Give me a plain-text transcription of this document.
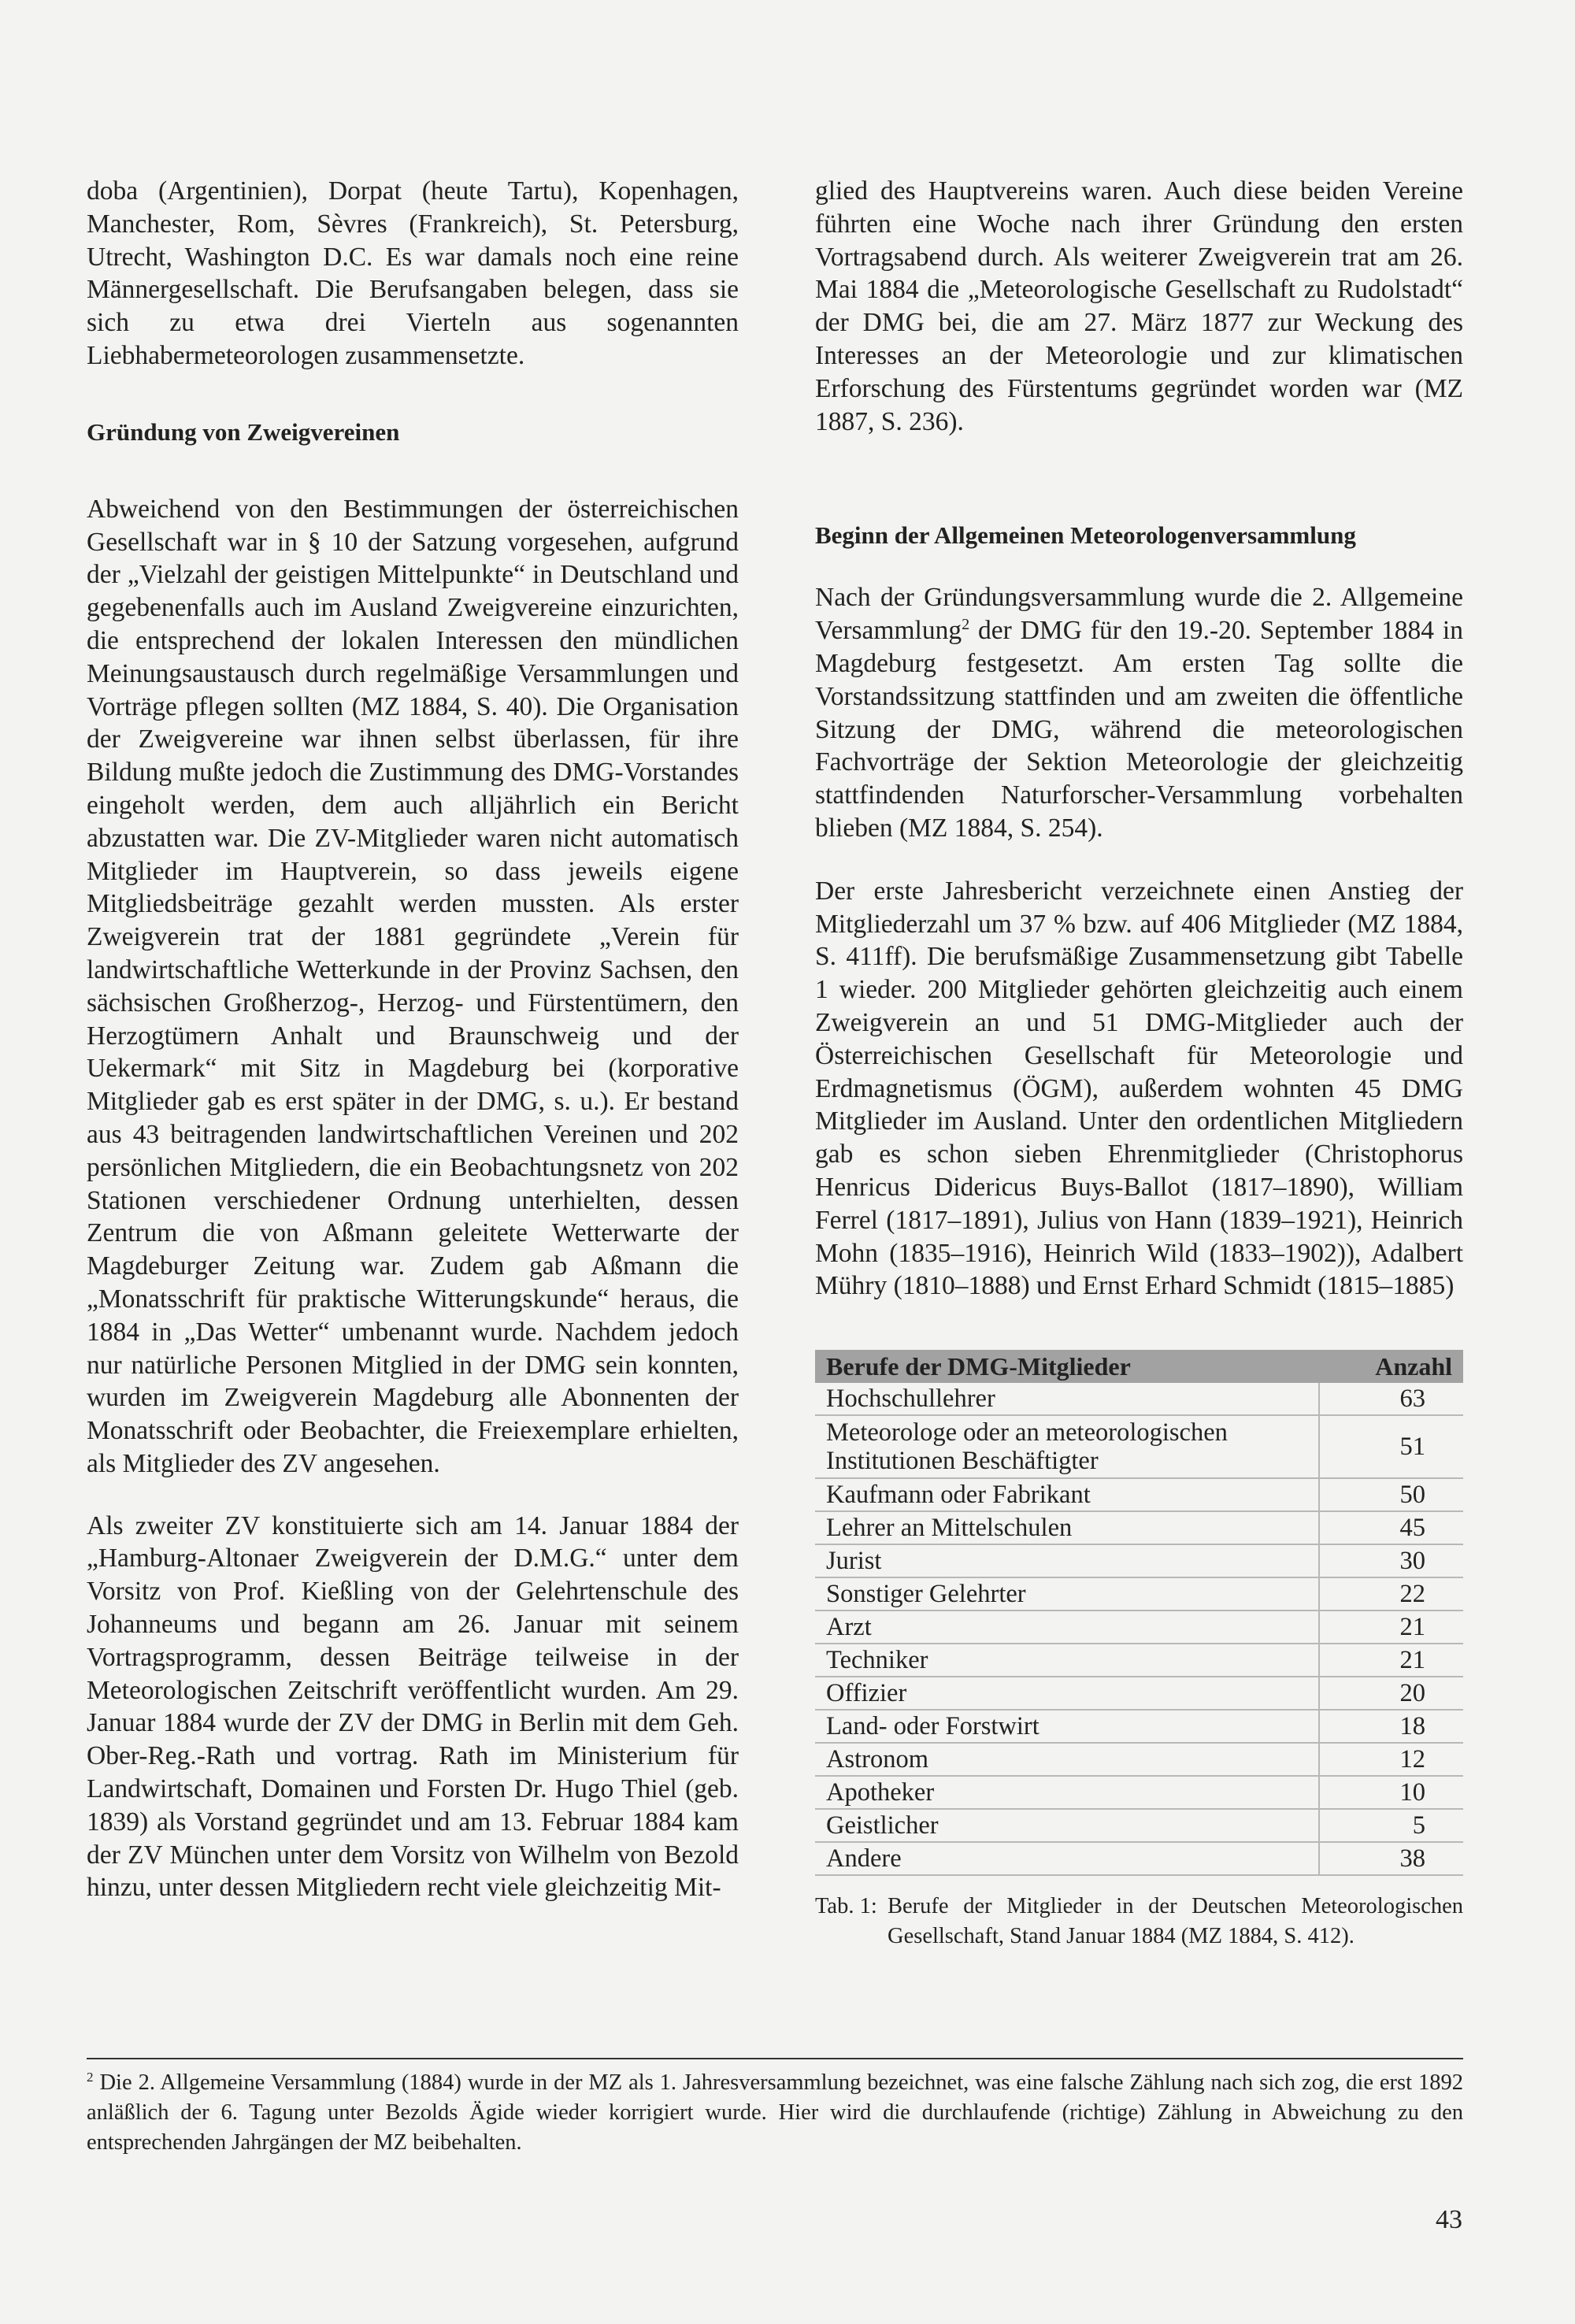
doba (Argentinien), Dorpat (heute Tartu), Kopenhagen, Manchester, Rom, Sèvres (Frankreich), St. Petersburg, Utrecht, Washington D.C. Es war damals noch eine reine Männergesellschaft. Die Berufsangaben belegen, dass sie sich zu etwa drei Vierteln aus sogenannten Liebhabermeteorologen zusammensetzte.

Gründung von Zweigvereinen

Abweichend von den Bestimmungen der österreichischen Gesellschaft war in § 10 der Satzung vorgesehen, aufgrund der „Vielzahl der geistigen Mittelpunkte“ in Deutschland und gegebenenfalls auch im Ausland Zweigvereine einzurichten, die entsprechend der lokalen Interessen den mündlichen Meinungsaustausch durch regelmäßige Versammlungen und Vorträge pflegen sollten (MZ 1884, S. 40). Die Organisation der Zweigvereine war ihnen selbst überlassen, für ihre Bildung mußte jedoch die Zustimmung des DMG-Vorstandes eingeholt werden, dem auch alljährlich ein Bericht abzustatten war. Die ZV-Mitglieder waren nicht automatisch Mitglieder im Hauptverein, so dass jeweils eigene Mitgliedsbeiträge gezahlt werden mussten. Als erster Zweigverein trat der 1881 gegründete „Verein für landwirtschaftliche Wetterkunde in der Provinz Sachsen, den sächsischen Großherzog-, Herzog- und Fürstentümern, den Herzogtümern Anhalt und Braunschweig und der Uekermark“ mit Sitz in Magdeburg bei (korporative Mitglieder gab es erst später in der DMG, s. u.). Er bestand aus 43 beitragenden landwirtschaftlichen Vereinen und 202 persönlichen Mitgliedern, die ein Beobachtungsnetz von 202 Stationen verschiedener Ordnung unterhielten, dessen Zentrum die von Aßmann geleitete Wetterwarte der Magdeburger Zeitung war. Zudem gab Aßmann die „Monatsschrift für praktische Witterungskunde“ heraus, die 1884 in „Das Wetter“ umbenannt wurde. Nachdem jedoch nur natürliche Personen Mitglied in der DMG sein konnten, wurden im Zweigverein Magdeburg alle Abonnenten der Monatsschrift oder Beobachter, die Freiexemplare erhielten, als Mitglieder des ZV angesehen.

Als zweiter ZV konstituierte sich am 14. Januar 1884 der „Hamburg-Altonaer Zweigverein der D.M.G.“ unter dem Vorsitz von Prof. Kießling von der Gelehrtenschule des Johanneums und begann am 26. Januar mit seinem Vortragsprogramm, dessen Beiträge teilweise in der Meteorologischen Zeitschrift veröffentlicht wurden. Am 29. Januar 1884 wurde der ZV der DMG in Berlin mit dem Geh. Ober-Reg.-Rath und vortrag. Rath im Ministerium für Landwirtschaft, Domainen und Forsten Dr. Hugo Thiel (geb. 1839) als Vorstand gegründet und am 13. Februar 1884 kam der ZV München unter dem Vorsitz von Wilhelm von Bezold hinzu, unter dessen Mitgliedern recht viele gleichzeitig Mit-

glied des Hauptvereins waren. Auch diese beiden Vereine führten eine Woche nach ihrer Gründung den ersten Vortragsabend durch. Als weiterer Zweigverein trat am 26. Mai 1884 die „Meteorologische Gesellschaft zu Rudolstadt“ der DMG bei, die am 27. März 1877 zur Weckung des Interesses an der Meteorologie und zur klimatischen Erforschung des Fürstentums gegründet worden war (MZ 1887, S. 236).

Beginn der Allgemeinen Meteorologenversammlung

Nach der Gründungsversammlung wurde die 2. Allgemeine Versammlung$^2$ der DMG für den 19.-20. September 1884 in Magdeburg festgesetzt. Am ersten Tag sollte die Vorstandssitzung stattfinden und am zweiten die öffentliche Sitzung der DMG, während die meteorologischen Fachvorträge der Sektion Meteorologie der gleichzeitig stattfindenden Naturforscher-Versammlung vorbehalten blieben (MZ 1884, S. 254).

Der erste Jahresbericht verzeichnete einen Anstieg der Mitgliederzahl um 37 % bzw. auf 406 Mitglieder (MZ 1884, S. 411ff). Die berufsmäßige Zusammensetzung gibt Tabelle 1 wieder. 200 Mitglieder gehörten gleichzeitig auch einem Zweigverein an und 51 DMG-Mitglieder auch der Österreichischen Gesellschaft für Meteorologie und Erdmagnetismus (ÖGM), außerdem wohnten 45 DMG Mitglieder im Ausland. Unter den ordentlichen Mitgliedern gab es schon sieben Ehrenmitglieder (Christophorus Henricus Didericus Buys-Ballot (1817–1890), William Ferrel (1817–1891), Julius von Hann (1839–1921), Heinrich Mohn (1835–1916), Heinrich Wild (1833–1902)), Adalbert Mühry (1810–1888) und Ernst Erhard Schmidt (1815–1885)

Berufe der DMG-Mitglieder	Anzahl
Hochschullehrer	63
Meteorologe oder an meteorologischen Institutionen Beschäftigter	51
Kaufmann oder Fabrikant	50
Lehrer an Mittelschulen	45
Jurist	30
Sonstiger Gelehrter	22
Arzt	21
Techniker	21
Offizier	20
Land- oder Forstwirt	18
Astronom	12
Apotheker	10
Geistlicher	5
Andere	38
Tab. 1: Berufe der Mitglieder in der Deutschen Meteorologischen Gesellschaft, Stand Januar 1884 (MZ 1884, S. 412).

$^2$ Die 2. Allgemeine Versammlung (1884) wurde in der MZ als 1. Jahresversammlung bezeichnet, was eine falsche Zählung nach sich zog, die erst 1892 anläßlich der 6. Tagung unter Bezolds Ägide wieder korrigiert wurde. Hier wird die durchlaufende (richtige) Zählung in Abweichung zu den entsprechenden Jahrgängen der MZ beibehalten.

43
